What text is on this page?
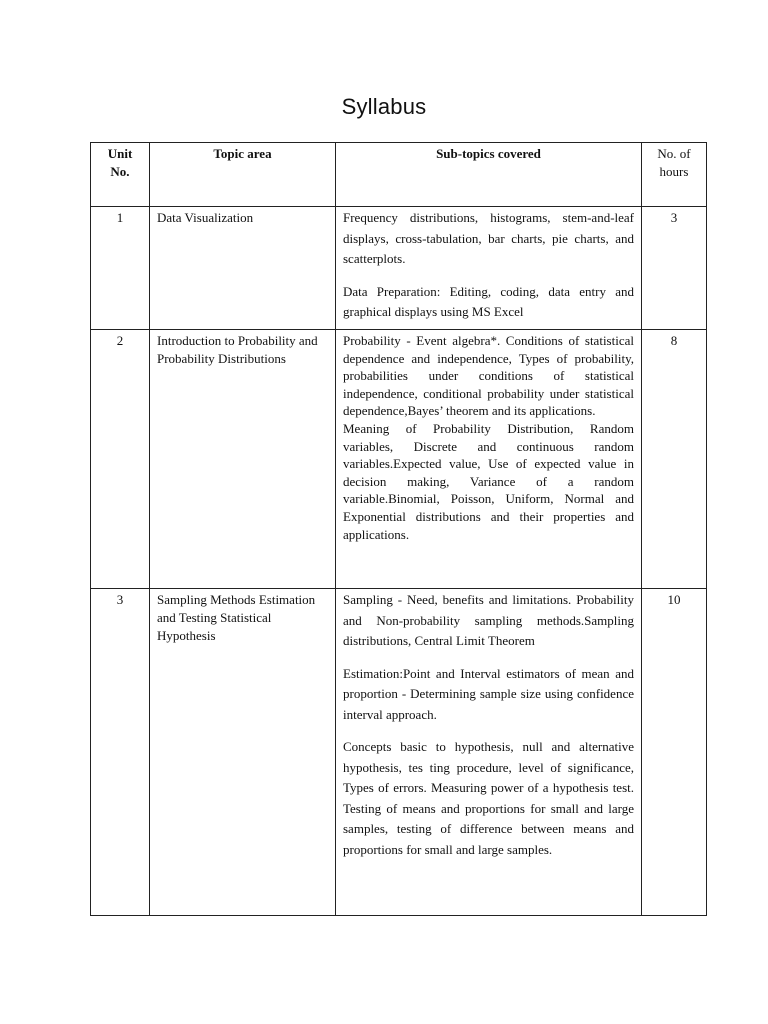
Syllabus
Unit No.	Topic area	Sub-topics covered	No. of hours
1	Data Visualization	Frequency distributions, histograms, stem-and-leaf displays, cross-tabulation, bar charts, pie charts, and scatterplots.

Data Preparation: Editing, coding, data entry and graphical displays using MS Excel	3
2	Introduction to Probability and Probability Distributions	Probability - Event algebra*. Conditions of statistical dependence and independence, Types of probability, probabilities under conditions of statistical independence, conditional probability under statistical dependence,Bayes’ theorem and its applications.

Meaning of Probability Distribution, Random variables, Discrete and continuous random variables.Expected value, Use of expected value in decision making, Variance of a random variable.Binomial, Poisson, Uniform, Normal and Exponential distributions and their properties and applications.	8
3	Sampling Methods Estimation and Testing Statistical Hypothesis	Sampling - Need, benefits and limitations. Probability and Non-probability sampling methods.Sampling distributions, Central Limit Theorem

Estimation:Point and Interval estimators of mean and proportion - Determining sample size using confidence interval approach.

Concepts basic to hypothesis, null and alternative hypothesis, tes ting procedure, level of significance, Types of errors. Measuring power of a hypothesis test. Testing of means and proportions for small and large samples, testing of difference between means and proportions for small and large samples.	10
